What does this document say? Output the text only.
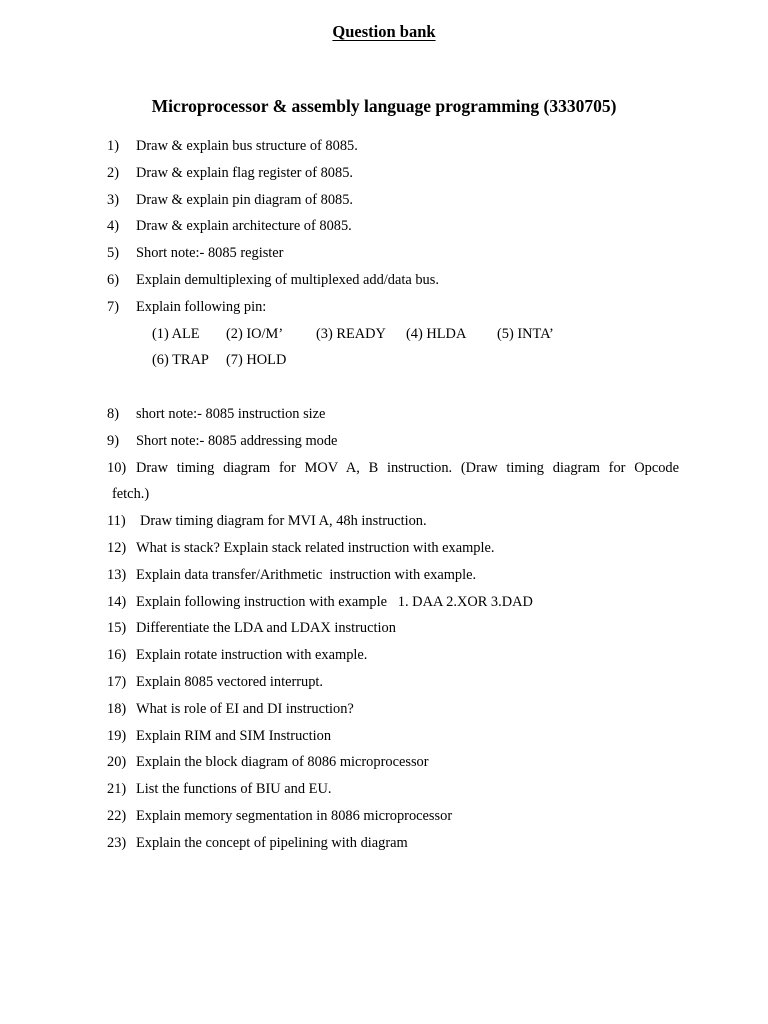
Question bank
Microprocessor & assembly language programming (3330705)
1)	Draw & explain bus structure of 8085.
2)	Draw & explain flag register of 8085.
3)	Draw & explain pin diagram of 8085.
4)	Draw & explain architecture of 8085.
5)	Short note:- 8085 register
6)	Explain demultiplexing of multiplexed add/data bus.
7)	Explain following pin:
(1) ALE (2) IO/M’ (3) READY (4) HLDA (5) INTA’
(6) TRAP (7) HOLD
8)	short note:- 8085 instruction size
9)	Short note:- 8085 addressing mode
10) Draw timing diagram for MOV A, B instruction. (Draw timing diagram for Opcode
fetch.)
11) Draw timing diagram for MVI A, 48h instruction.
12) What is stack? Explain stack related instruction with example.
13) Explain data transfer/Arithmetic  instruction with example.
14) Explain following instruction with example   1. DAA 2.XOR 3.DAD
15) Differentiate the LDA and LDAX instruction
16) Explain rotate instruction with example.
17) Explain 8085 vectored interrupt.
18) What is role of EI and DI instruction?
19) Explain RIM and SIM Instruction
20) Explain the block diagram of 8086 microprocessor
21) List the functions of BIU and EU.
22) Explain memory segmentation in 8086 microprocessor
23) Explain the concept of pipelining with diagram
